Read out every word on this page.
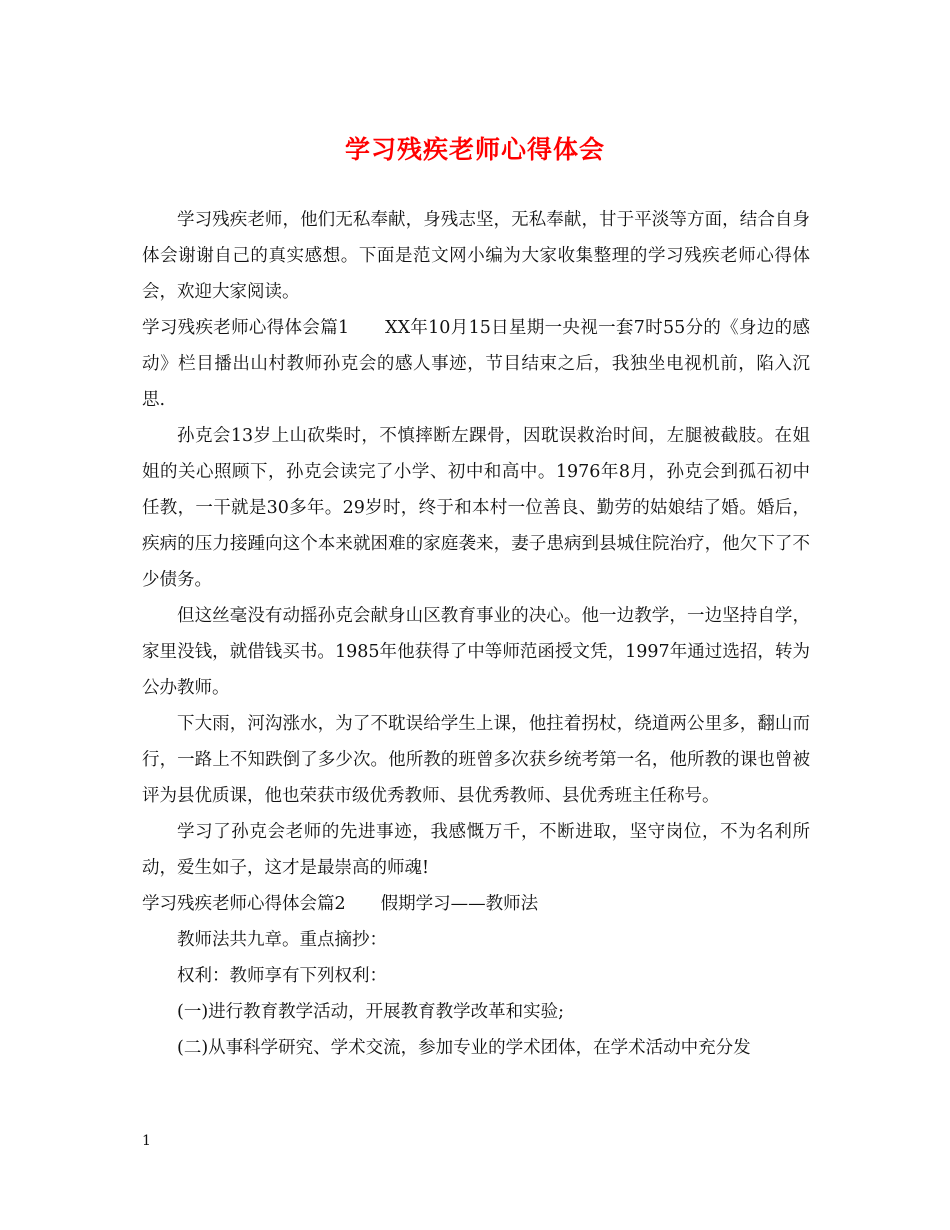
学习残疾老师心得体会

学习残疾老师，他们无私奉献，身残志坚，无私奉献，甘于平淡等方面，结合自身体会谢谢自己的真实感想。下面是范文网小编为大家收集整理的学习残疾老师心得体会，欢迎大家阅读。

学习残疾老师心得体会篇1　　XX年10月15日星期一央视一套7时55分的《身边的感动》栏目播出山村教师孙克会的感人事迹，节目结束之后，我独坐电视机前，陷入沉思.

孙克会13岁上山砍柴时，不慎摔断左踝骨，因耽误救治时间，左腿被截肢。在姐姐的关心照顾下，孙克会读完了小学、初中和高中。1976年8月，孙克会到孤石初中任教，一干就是30多年。29岁时，终于和本村一位善良、勤劳的姑娘结了婚。婚后，疾病的压力接踵向这个本来就困难的家庭袭来，妻子患病到县城住院治疗，他欠下了不少债务。

但这丝毫没有动摇孙克会献身山区教育事业的决心。他一边教学，一边坚持自学，家里没钱，就借钱买书。1985年他获得了中等师范函授文凭，1997年通过选招，转为公办教师。

下大雨，河沟涨水，为了不耽误给学生上课，他拄着拐杖，绕道两公里多，翻山而行，一路上不知跌倒了多少次。他所教的班曾多次获乡统考第一名，他所教的课也曾被评为县优质课，他也荣获市级优秀教师、县优秀教师、县优秀班主任称号。

学习了孙克会老师的先进事迹，我感慨万千，不断进取，坚守岗位，不为名利所动，爱生如子，这才是最崇高的师魂!

学习残疾老师心得体会篇2　　假期学习——教师法

教师法共九章。重点摘抄：

权利：教师享有下列权利：

(一)进行教育教学活动，开展教育教学改革和实验;

(二)从事科学研究、学术交流，参加专业的学术团体，在学术活动中充分发

1
